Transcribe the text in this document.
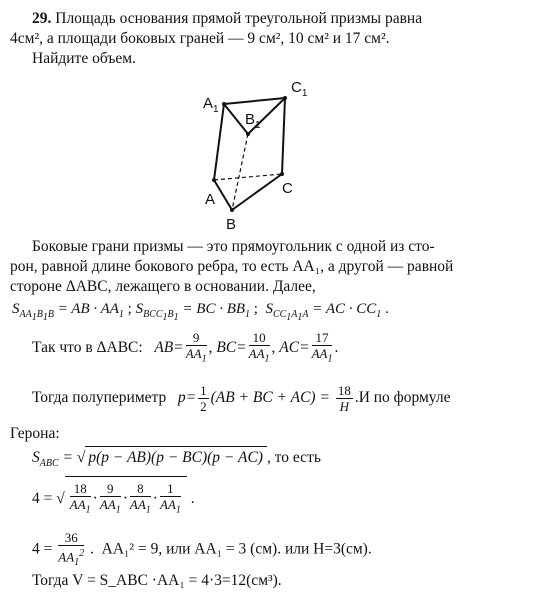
29. Площадь основания прямой треугольной призмы равна
4см², а площади боковых граней — 9 см², 10 см² и 17 см².
Найдите объем.
$A_1$
$B_1$
$C_1$
A
C
B
Боковые грани призмы — это прямоугольник с одной из сто-
рон, равной длине бокового ребра, то есть AA₁, а другой — равной
стороне ΔABC, лежащего в основании. Далее,
$S_{AA_1B_1B}$ = AB · $AA_1$ ; $S_{BCC_1B_1}$ = BC · $BB_1$ ;  $S_{CC_1A_1A}$ = AC · $CC_1$ .
Так что в ΔABC:   $AB= \frac{9}{AA_1}$ , $BC= \frac{10}{AA_1}$ , $AC= \frac{17}{AA_1}$ .
Тогда полупериметр   $p= \frac{1}{2} (AB$ + BC + $AC) = \frac{18}{H} .И$ по формуле
Герона:
$S_{ABC}$ = √ p(p − AB)(p − BC)(p − AC) , то есть
4 = √ $\frac{18}{AA_1} \cdot \frac{9}{AA_1} \cdot \frac{8}{AA_1} \cdot \frac{1}{AA_1}$ .
$4 = \frac{36}{AA_1^2}$ .  AA₁² = 9, или AA₁ = 3 (см). или H=3(см).
Тогда V = S_ABC ·AA₁ = 4·3=12(см³).
